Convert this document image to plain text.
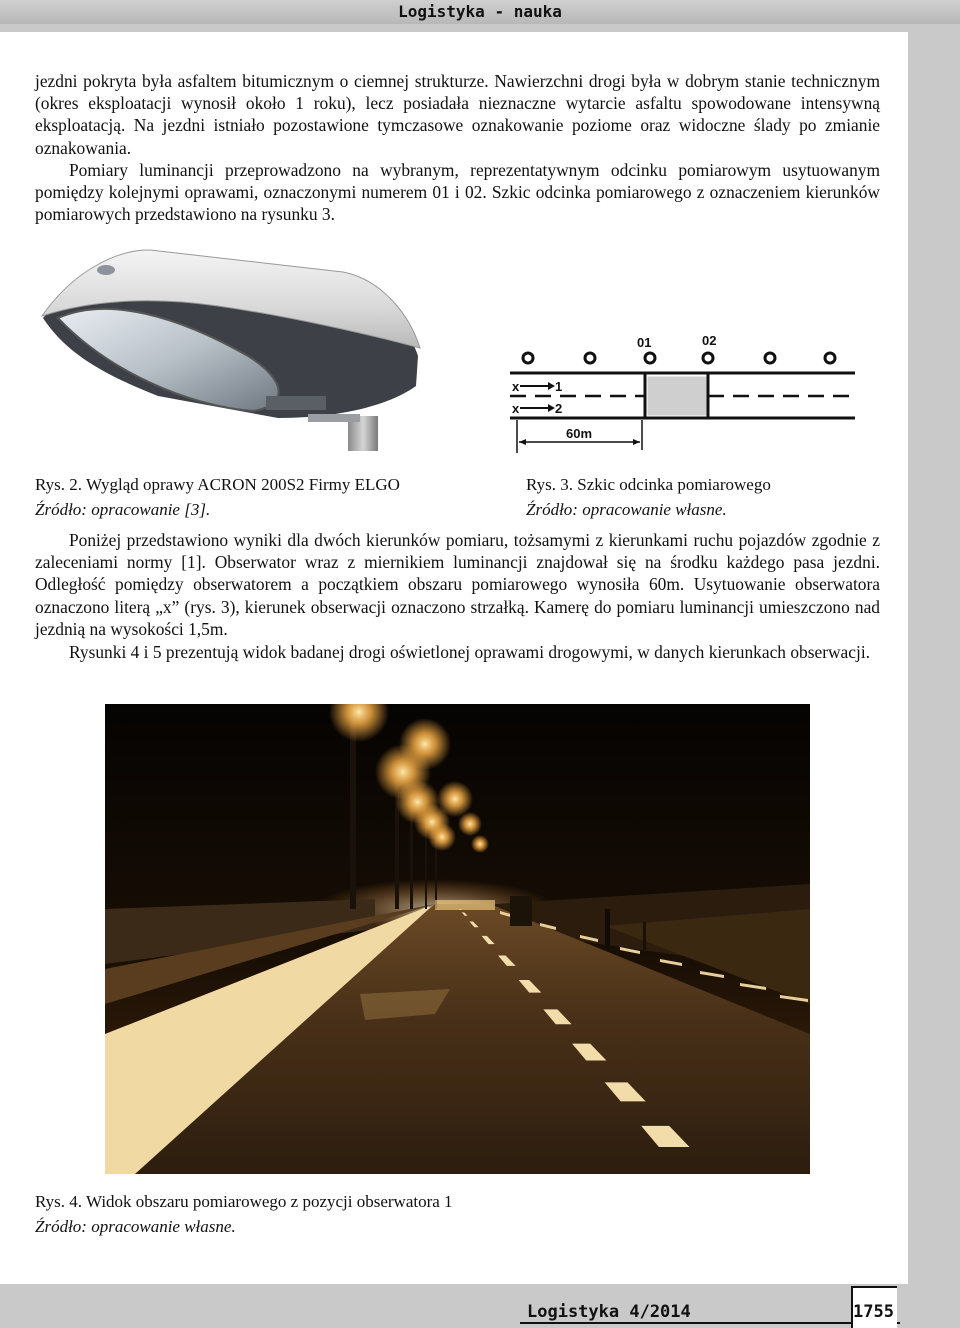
Logistyka - nauka

jezdni pokryta była asfaltem bitumicznym o ciemnej strukturze. Nawierzchni drogi była w dobrym stanie technicznym (okres eksploatacji wynosił około 1 roku), lecz posiadała nieznaczne wytarcie asfaltu spowodowane intensywną eksploatacją. Na jezdni istniało pozostawione tymczasowe oznakowanie poziome oraz widoczne ślady po zmianie oznakowania.

Pomiary luminancji przeprowadzono na wybranym, reprezentatywnym odcinku pomiarowym usytuowanym pomiędzy kolejnymi oprawami, oznaczonymi numerem 01 i 02. Szkic odcinka pomiarowego z oznaczeniem kierunków pomiarowych przedstawiono na rysunku 3.

01	02
x
x
1
2
60m

Rys. 2. Wygląd oprawy ACRON 200S2 Firmy ELGO

Źródło: opracowanie [3].

Rys. 3. Szkic odcinka pomiarowego

Źródło: opracowanie własne.

Poniżej przedstawiono wyniki dla dwóch kierunków pomiaru, tożsamymi z kierunkami ruchu pojazdów zgodnie z zaleceniami normy [1]. Obserwator wraz z miernikiem luminancji znajdował się na środku każdego pasa jezdni. Odległość pomiędzy obserwatorem a początkiem obszaru pomiarowego wynosiła 60m. Usytuowanie obserwatora oznaczono literą „x” (rys. 3), kierunek obserwacji oznaczono strzałką. Kamerę do pomiaru luminancji umieszczono nad jezdnią na wysokości 1,5m.

Rysunki 4 i 5 prezentują widok badanej drogi oświetlonej oprawami drogowymi, w danych kierunkach obserwacji.

Rys. 4. Widok obszaru pomiarowego z pozycji obserwatora 1

Źródło: opracowanie własne.

Logistyka 4/2014	1755
